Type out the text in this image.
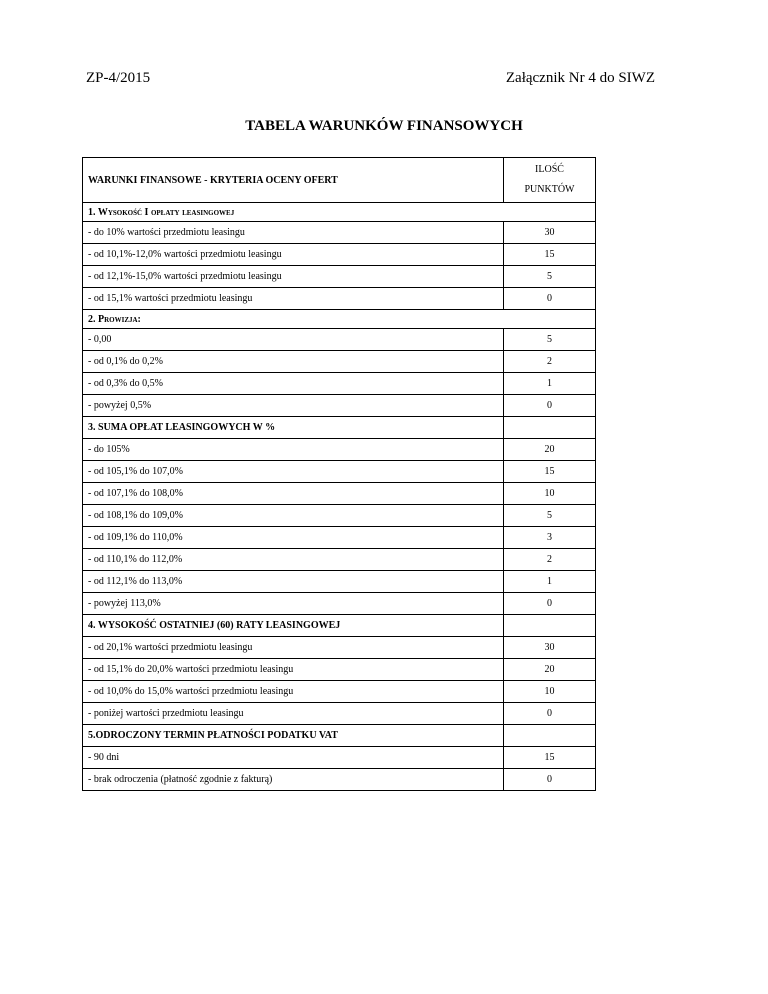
ZP-4/2015	Załącznik Nr 4 do SIWZ
TABELA WARUNKÓW FINANSOWYCH
WARUNKI FINANSOWE - KRYTERIA OCENY OFERT	ILOŚĆ
PUNKTÓW

1. Wysokość I opłaty leasingowej	
- do 10% wartości przedmiotu leasingu	30
- od 10,1%-12,0% wartości przedmiotu leasingu	15
- od 12,1%-15,0% wartości przedmiotu leasingu	5
- od 15,1% wartości przedmiotu leasingu	0
2. Prowizja:	
- 0,00	5
- od 0,1% do 0,2%	2
- od 0,3% do 0,5%	1
- powyżej 0,5%	0
3. SUMA OPŁAT LEASINGOWYCH W %	
- do 105%	20
- od 105,1% do 107,0%	15
- od 107,1% do 108,0%	10
- od 108,1% do 109,0%	5
- od 109,1% do 110,0%	3
- od 110,1% do 112,0%	2
- od 112,1% do 113,0%	1
- powyżej 113,0%	0
4. WYSOKOŚĆ OSTATNIEJ (60) RATY LEASINGOWEJ	
- od 20,1% wartości przedmiotu leasingu	30
- od 15,1% do 20,0% wartości przedmiotu leasingu	20
- od 10,0% do 15,0% wartości przedmiotu leasingu	10
- poniżej wartości przedmiotu leasingu	0
5.ODROCZONY TERMIN PŁATNOŚCI PODATKU VAT	
- 90 dni	15
- brak odroczenia (płatność zgodnie z fakturą)	0
